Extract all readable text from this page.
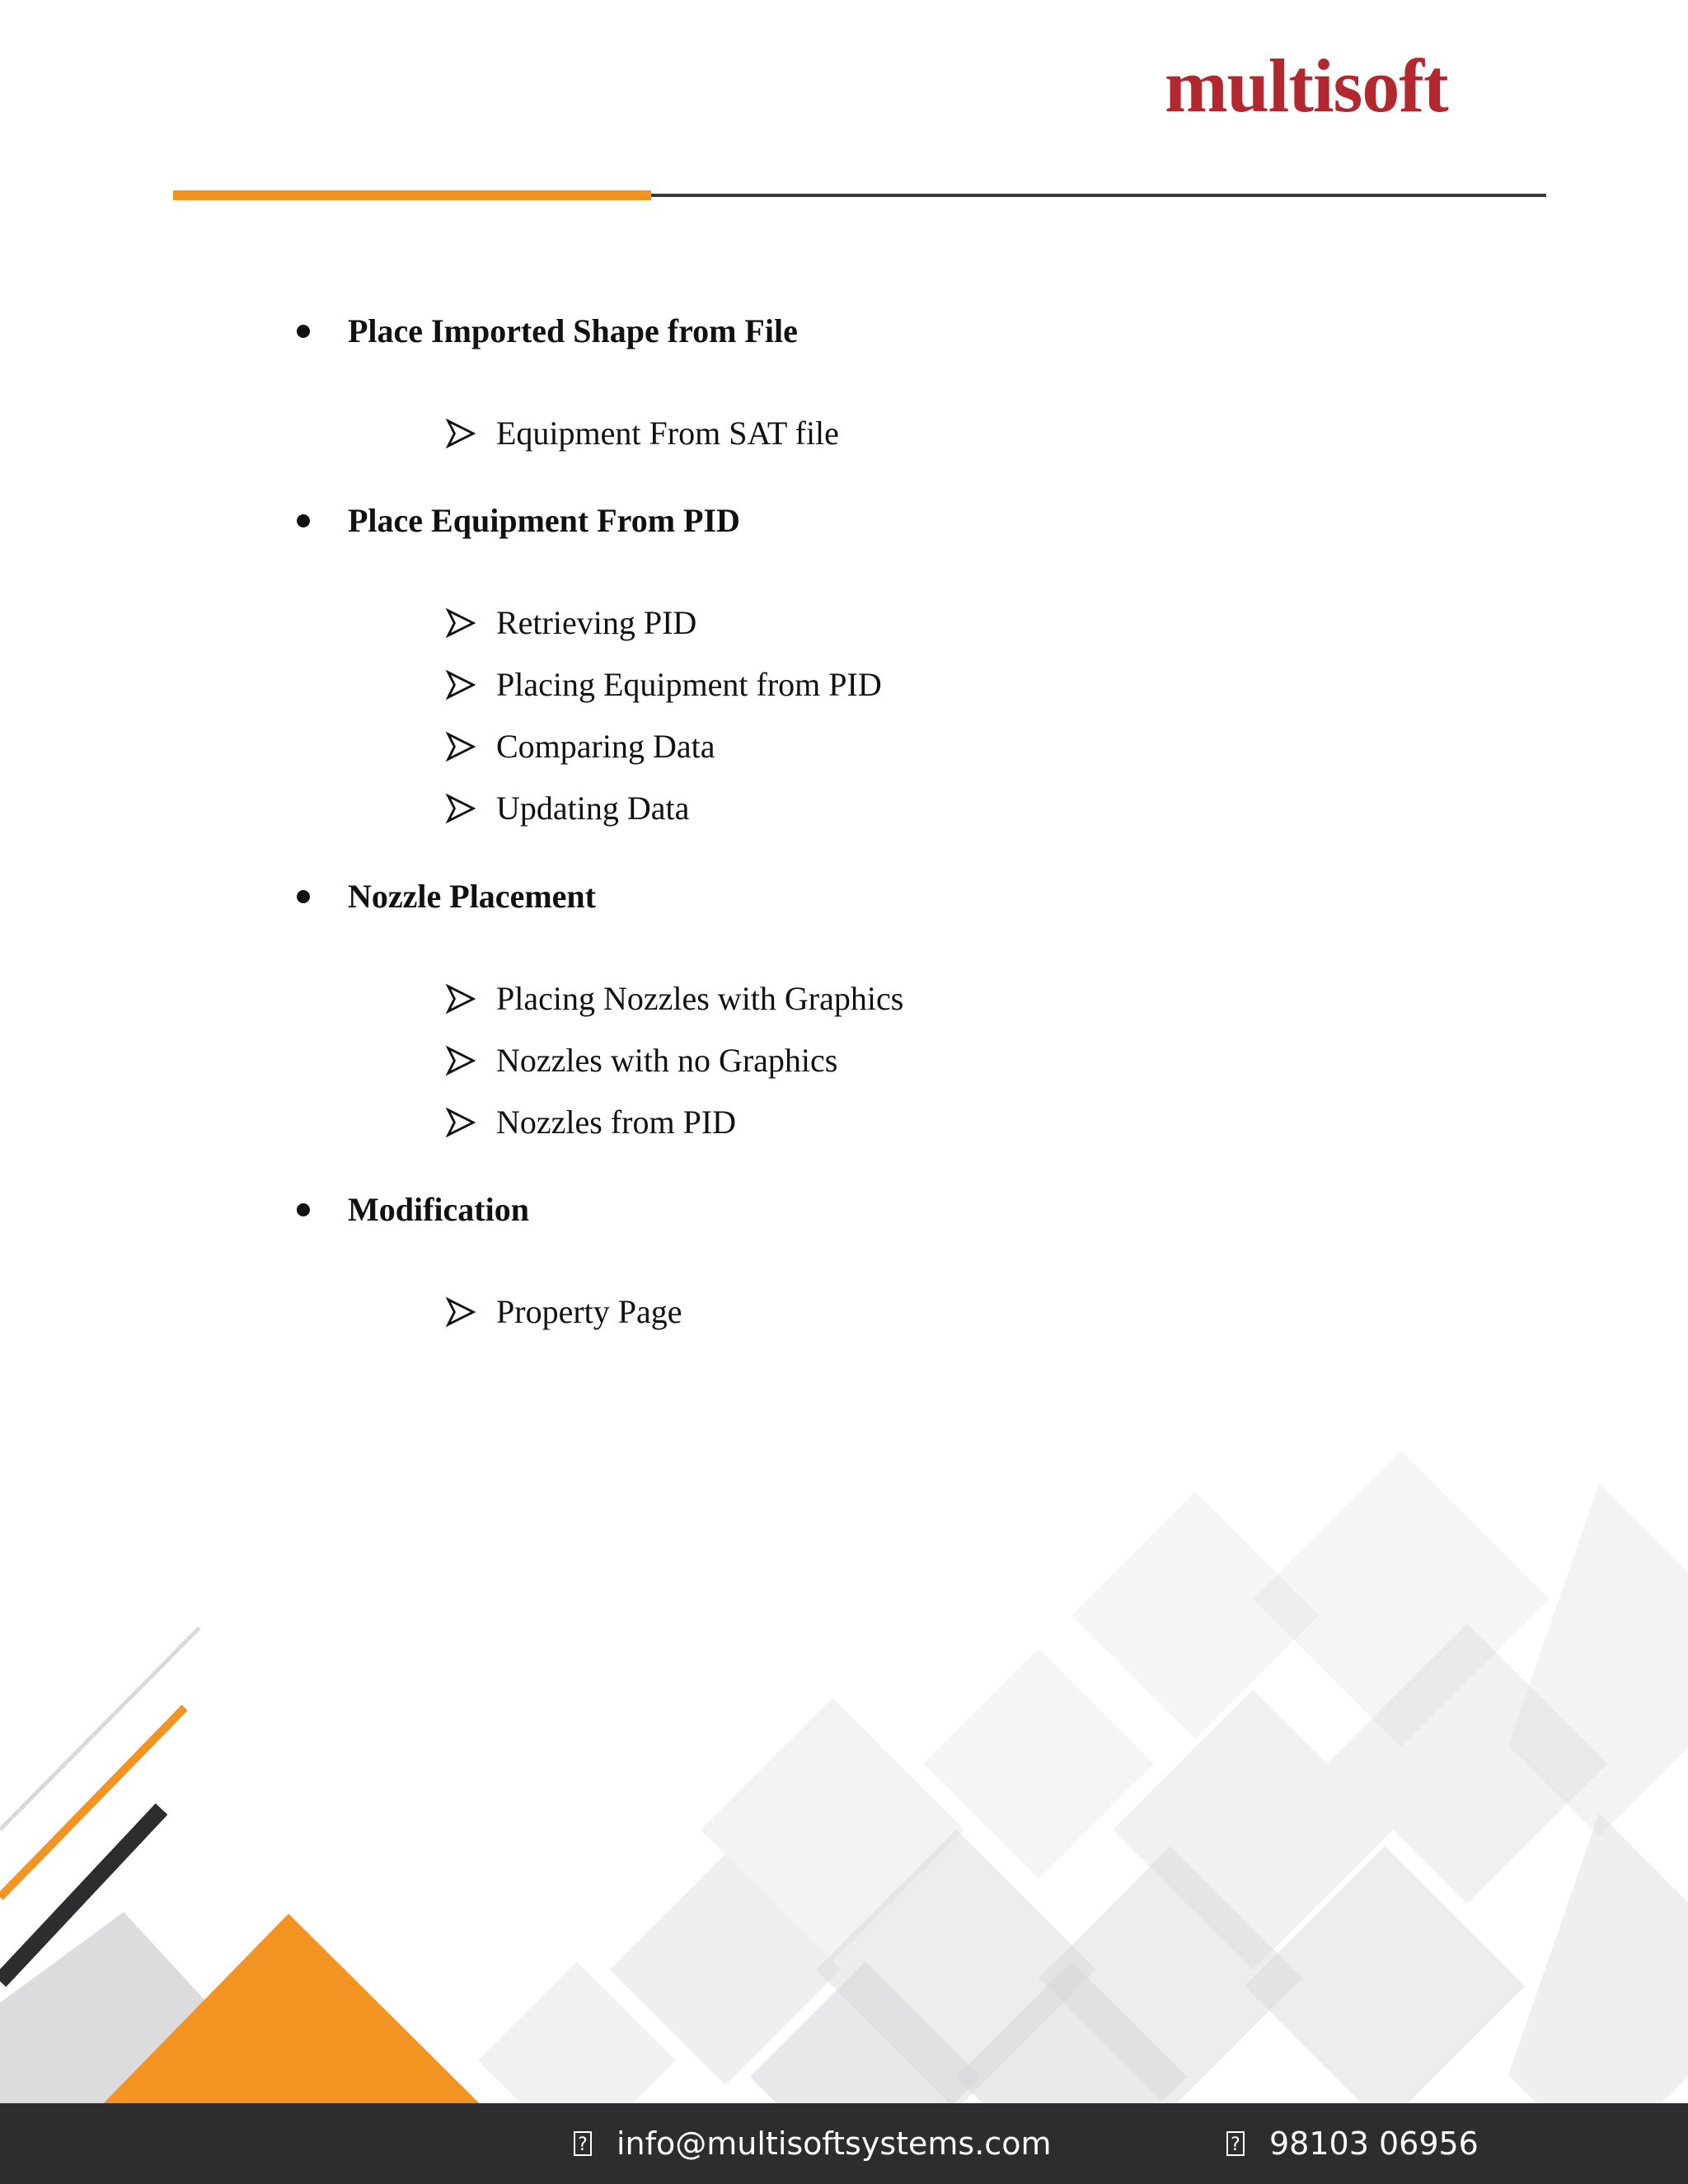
multisoft
Place Imported Shape from File
Equipment From SAT file
Place Equipment From PID
Retrieving PID
Placing Equipment from PID
Comparing Data
Updating Data
Nozzle Placement
Placing Nozzles with Graphics
Nozzles with no Graphics
Nozzles from PID
Modification
Property Page
? info@multisoftsystems.com	? 98103 06956
